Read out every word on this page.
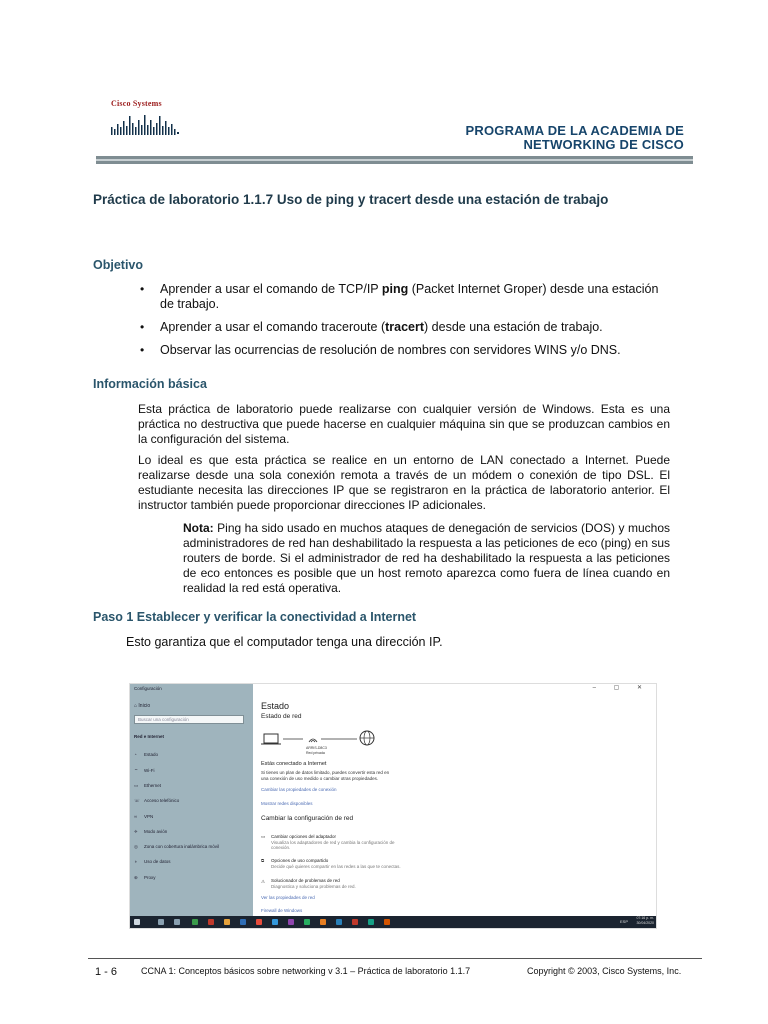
Cisco Systems
PROGRAMA DE LA ACADEMIA DE
NETWORKING DE CISCO
Práctica de laboratorio 1.1.7 Uso de ping y tracert desde una estación de trabajo
Objetivo
• Aprender a usar el comando de TCP/IP ping (Packet Internet Groper) desde una estación de trabajo.
• Aprender a usar el comando traceroute (tracert) desde una estación de trabajo.
• Observar las ocurrencias de resolución de nombres con servidores WINS y/o DNS.
Información básica
Esta práctica de laboratorio puede realizarse con cualquier versión de Windows. Esta es una práctica no destructiva que puede hacerse en cualquier máquina sin que se produzcan cambios en la configuración del sistema.
Lo ideal es que esta práctica se realice en un entorno de LAN conectado a Internet. Puede realizarse desde una sola conexión remota a través de un módem o conexión de tipo DSL. El estudiante necesita las direcciones IP que se registraron en la práctica de laboratorio anterior. El instructor también puede proporcionar direcciones IP adicionales.
Nota: Ping ha sido usado en muchos ataques de denegación de servicios (DOS) y muchos administradores de red han deshabilitado la respuesta a las peticiones de eco (ping) en sus routers de borde. Si el administrador de red ha deshabilitado la respuesta a las peticiones de eco entonces es posible que un host remoto aparezca como fuera de línea cuando en realidad la red está operativa.
Paso 1 Establecer y verificar la conectividad a Internet
Esto garantiza que el computador tenga una dirección IP.
Configuración
⌂ Inicio
Buscar una configuración
Red e Internet
◔ Estado
⌔ Wi-Fi
▭ Ethernet
☏ Acceso telefónico
∞ VPN
✈ Modo avión
◎ Zona con cobertura inalámbrica móvil
◑ Uso de datos
⊕ Proxy
‒ ▢ ✕
Estado
Estado de red
ARRIS-D8C3
Red privada
Estás conectado a Internet
Si tienes un plan de datos limitado, puedes convertir esta red en
una conexión de uso medido o cambiar otras propiedades.
Cambiar las propiedades de conexión
Mostrar redes disponibles
Cambiar la configuración de red
▭ Cambiar opciones del adaptador
Visualiza los adaptadores de red y cambia la configuración de
conexión.
⧉ Opciones de uso compartido
Decide qué quieres compartir en las redes a las que te conectas.
⚠ Solucionador de problemas de red
Diagnostica y soluciona problemas de red.
Ver las propiedades de red
Firewall de Windows
ESP
07:16 p. m.
30/04/2020
1 - 6	CCNA 1: Conceptos básicos sobre networking v 3.1 – Práctica de laboratorio 1.1.7	Copyright © 2003, Cisco Systems, Inc.
